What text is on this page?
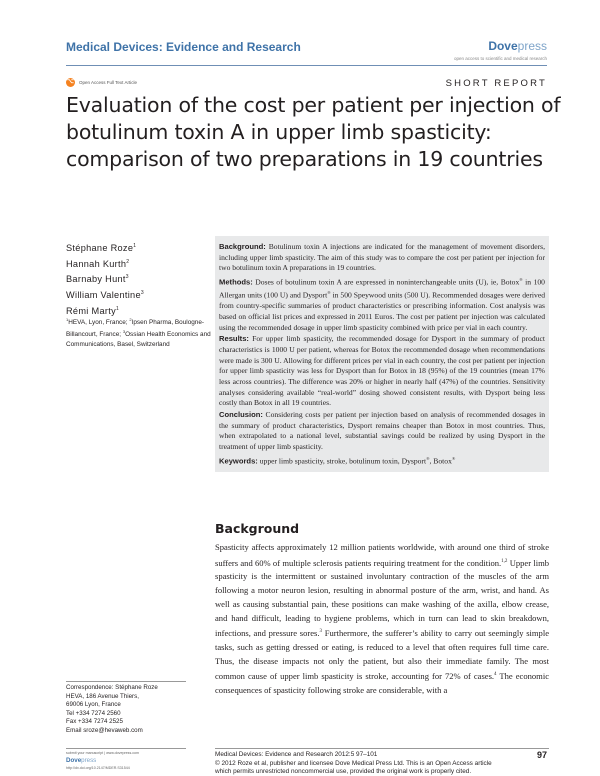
Medical Devices: Evidence and Research	Dovepress
open access to scientific and medical research
⌥ Open Access Full Text Article	SHORT REPORT
Evaluation of the cost per patient per injection of botulinum toxin A in upper limb spasticity: comparison of two preparations in 19 countries
Stéphane Roze$^1$
Hannah Kurth$^2$
Barnaby Hunt$^3$
William Valentine$^3$
Rémi Marty$^1$
$^1$HEVA, Lyon, France; $^2$Ipsen Pharma, Boulogne-Billancourt, France; $^3$Ossian Health Economics and Communications, Basel, Switzerland

Background: Botulinum toxin A injections are indicated for the management of movement disorders, including upper limb spasticity. The aim of this study was to compare the cost per patient per injection for two botulinum toxin A preparations in 19 countries.

Methods: Doses of botulinum toxin A are expressed in noninterchangeable units (U), ie, Botox® in 100 Allergan units (100 U) and Dysport® in 500 Speywood units (500 U). Recommended dosages were derived from country-specific summaries of product characteristics or prescribing information. Cost analysis was based on official list prices and expressed in 2011 Euros. The cost per patient per injection was calculated using the recommended dosage in upper limb spasticity combined with price per vial in each country.

Results: For upper limb spasticity, the recommended dosage for Dysport in the summary of product characteristics is 1000 U per patient, whereas for Botox the recommended dosage when recommendations were made is 300 U. Allowing for different prices per vial in each country, the cost per patient per injection for upper limb spasticity was less for Dysport than for Botox in 18 (95%) of the 19 countries (mean 17% less across countries). The difference was 20% or higher in nearly half (47%) of the countries. Sensitivity analyses considering available “real-world” dosing showed consistent results, with Dysport being less costly than Botox in all 19 countries.

Conclusion: Considering costs per patient per injection based on analysis of recommended dosages in the summary of product characteristics, Dysport remains cheaper than Botox in most countries. Thus, when extrapolated to a national level, substantial savings could be realized by using Dysport in the treatment of upper limb spasticity.

Keywords: upper limb spasticity, stroke, botulinum toxin, Dysport®, Botox®

Background
Spasticity affects approximately 12 million patients worldwide, with around one third of stroke suffers and 60% of multiple sclerosis patients requiring treatment for the condition.$^{1,2}$ Upper limb spasticity is the intermittent or sustained involuntary contraction of the muscles of the arm following a motor neuron lesion, resulting in abnormal posture of the arm, wrist, and hand. As well as causing substantial pain, these positions can make washing of the axilla, elbow crease, and hand difficult, leading to hygiene problems, which in turn can lead to skin breakdown, infections, and pressure sores.$^3$ Furthermore, the sufferer’s ability to carry out seemingly simple tasks, such as getting dressed or eating, is reduced to a level that often requires full time care. Thus, the disease impacts not only the patient, but also their immediate family. The most common cause of upper limb spasticity is stroke, accounting for 72% of cases.$^4$ The economic consequences of spasticity following stroke are considerable, with a
Correspondence: Stéphane Roze
HEVA, 186 Avenue Thiers,
69006 Lyon, France
Tel +334 7274 2560
Fax +334 7274 2525
Email sroze@hevaweb.com
submit your manuscript | www.dovepress.com
Dovepress
http://dx.doi.org/10.2147/MDER.S31544
Medical Devices: Evidence and Research 2012:5 97–101	97
© 2012 Roze et al, publisher and licensee Dove Medical Press Ltd. This is an Open Access article
which permits unrestricted noncommercial use, provided the original work is properly cited.
